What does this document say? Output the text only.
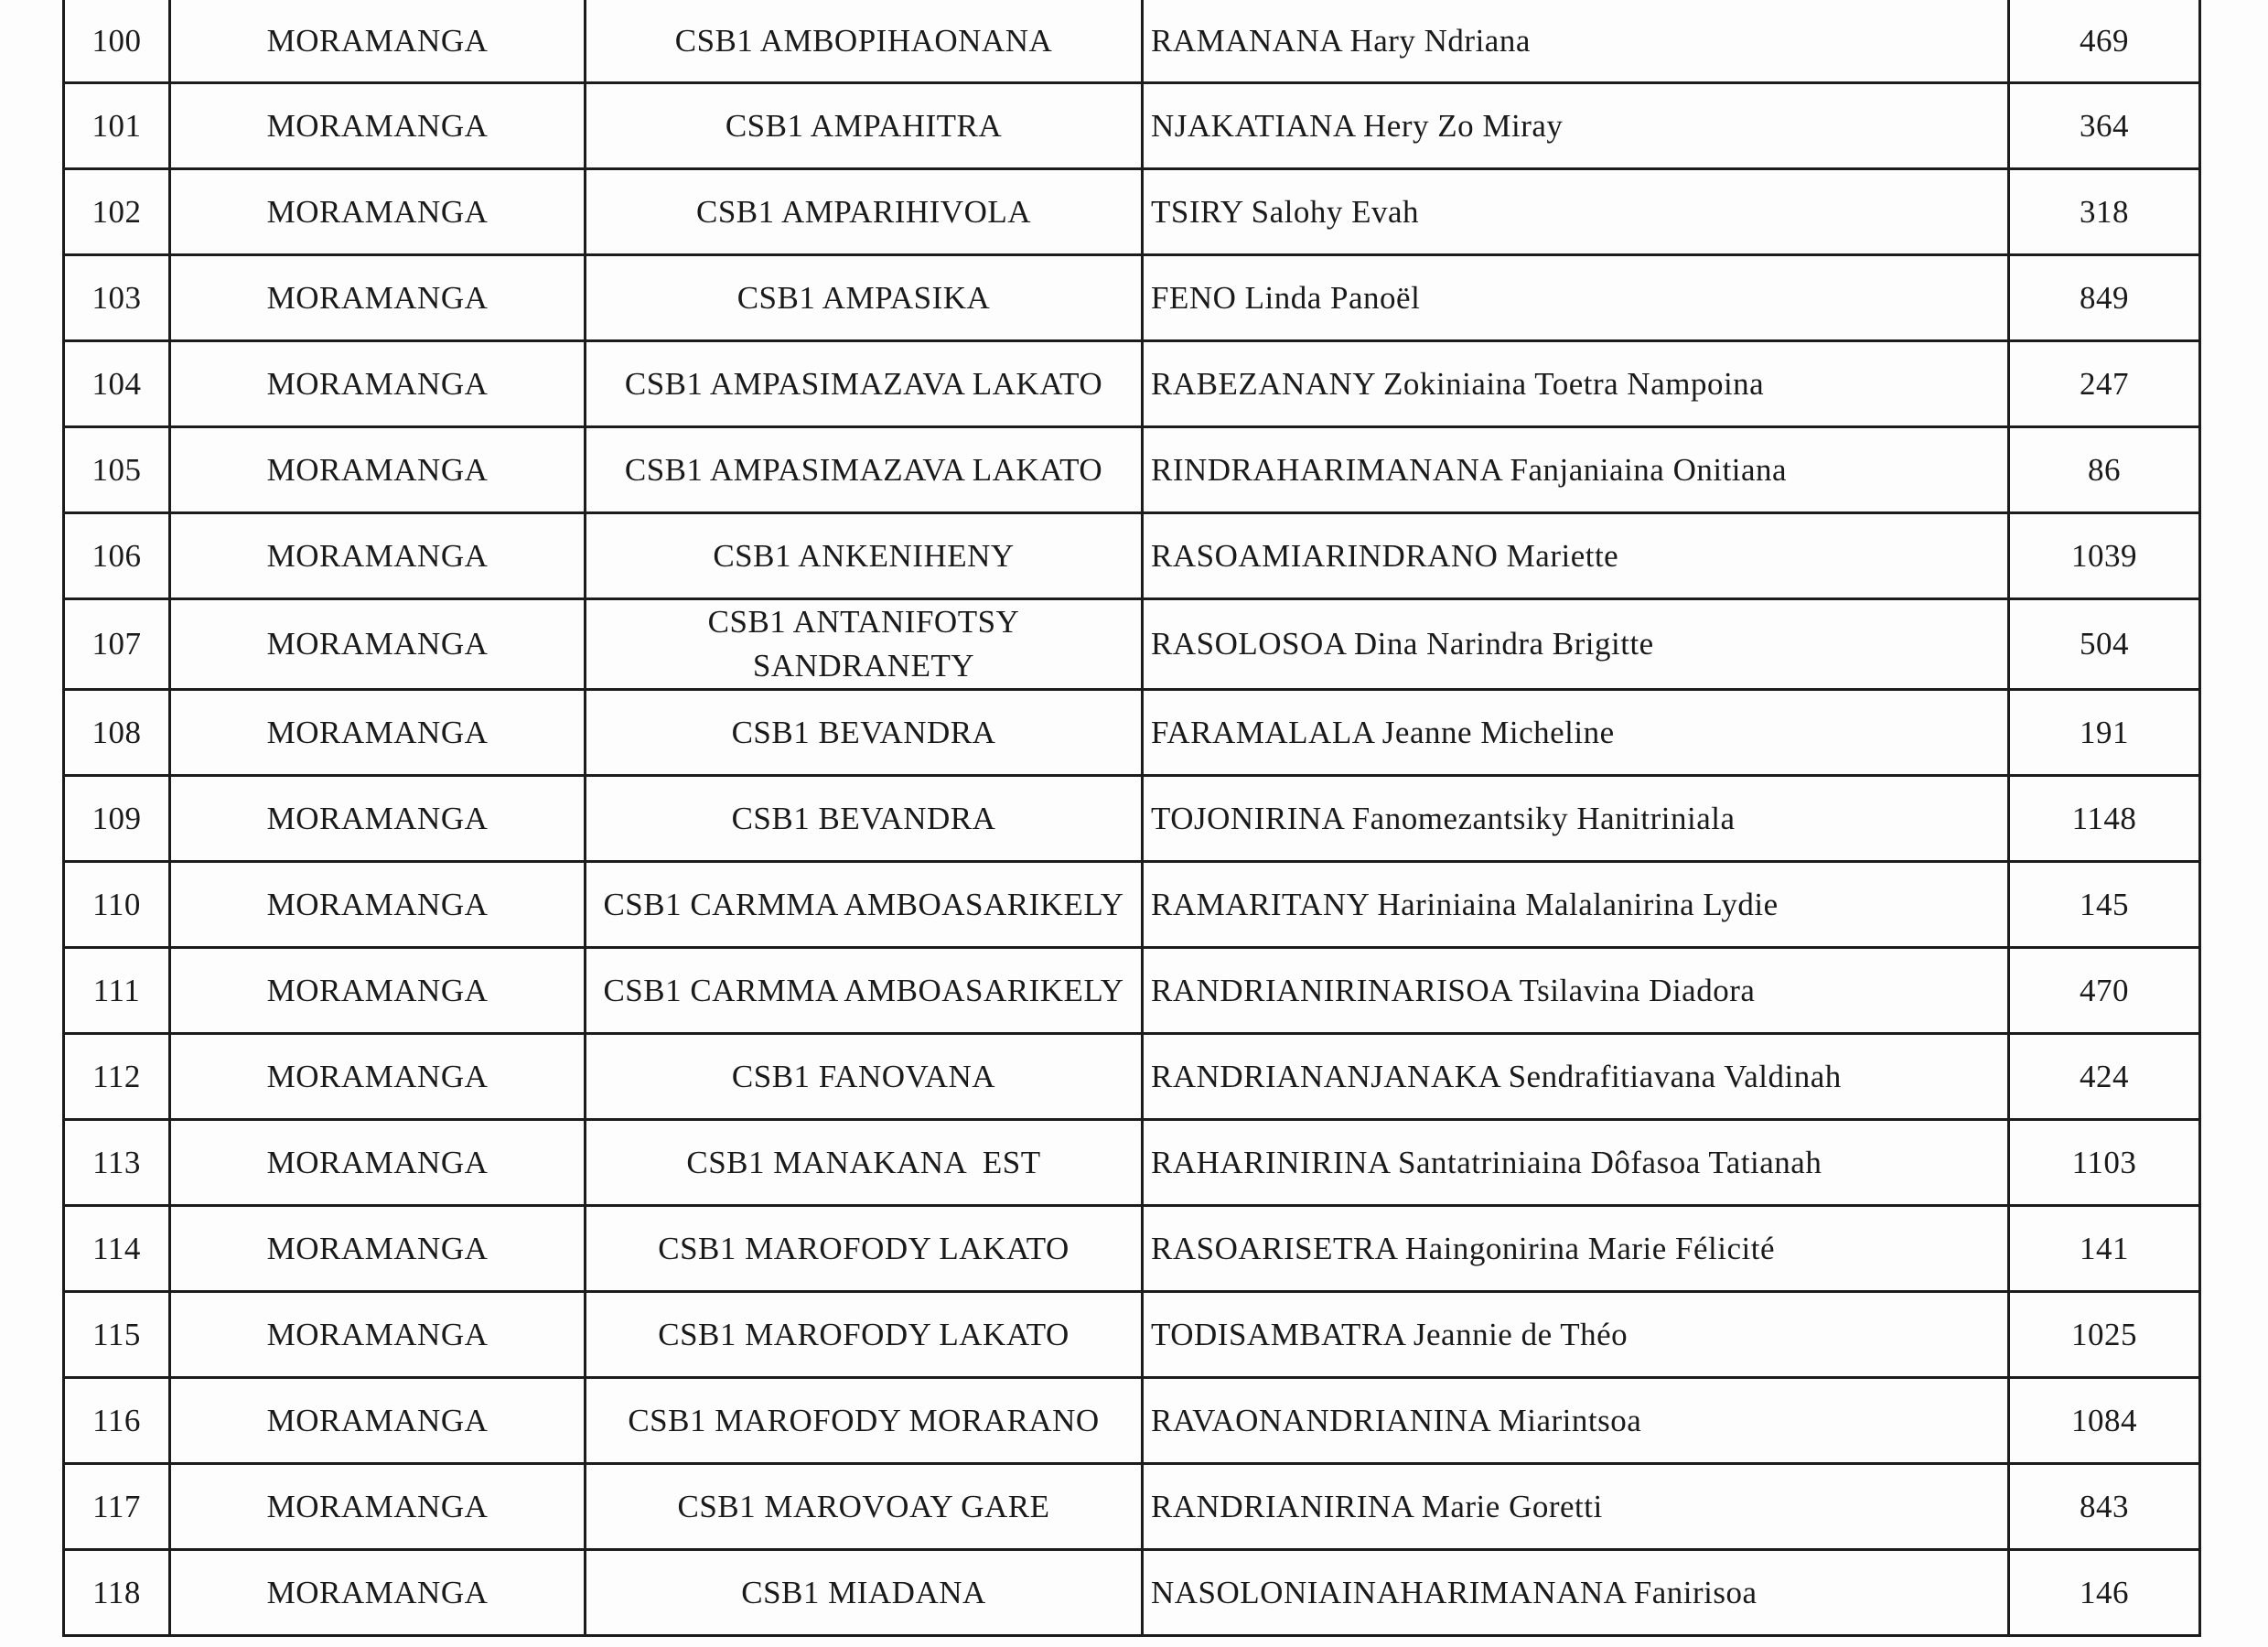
100	MORAMANGA	CSB1 AMBOPIHAONANA	RAMANANA Hary Ndriana	469
101	MORAMANGA	CSB1 AMPAHITRA	NJAKATIANA Hery Zo Miray	364
102	MORAMANGA	CSB1 AMPARIHIVOLA	TSIRY Salohy Evah	318
103	MORAMANGA	CSB1 AMPASIKA	FENO Linda Panoël	849
104	MORAMANGA	CSB1 AMPASIMAZAVA LAKATO	RABEZANANY Zokiniaina Toetra Nampoina	247
105	MORAMANGA	CSB1 AMPASIMAZAVA LAKATO	RINDRAHARIMANANA Fanjaniaina Onitiana	86
106	MORAMANGA	CSB1 ANKENIHENY	RASOAMIARINDRANO Mariette	1039
107	MORAMANGA	CSB1 ANTANIFOTSY SANDRANETY	RASOLOSOA Dina Narindra Brigitte	504
108	MORAMANGA	CSB1 BEVANDRA	FARAMALALA Jeanne Micheline	191
109	MORAMANGA	CSB1 BEVANDRA	TOJONIRINA Fanomezantsiky Hanitriniala	1148
110	MORAMANGA	CSB1 CARMMA AMBOASARIKELY	RAMARITANY Hariniaina Malalanirina Lydie	145
111	MORAMANGA	CSB1 CARMMA AMBOASARIKELY	RANDRIANIRINARISOA Tsilavina Diadora	470
112	MORAMANGA	CSB1 FANOVANA	RANDRIANANJANAKA Sendrafitiavana Valdinah	424
113	MORAMANGA	CSB1 MANAKANA  EST	RAHARINIRINA Santatriniaina Dôfasoa Tatianah	1103
114	MORAMANGA	CSB1 MAROFODY LAKATO	RASOARISETRA Haingonirina Marie Félicité	141
115	MORAMANGA	CSB1 MAROFODY LAKATO	TODISAMBATRA Jeannie de Théo	1025
116	MORAMANGA	CSB1 MAROFODY MORARANO	RAVAONANDRIANINA Miarintsoa	1084
117	MORAMANGA	CSB1 MAROVOAY GARE	RANDRIANIRINA Marie Goretti	843
118	MORAMANGA	CSB1 MIADANA	NASOLONIAINAHARIMANANA Fanirisoa	146
